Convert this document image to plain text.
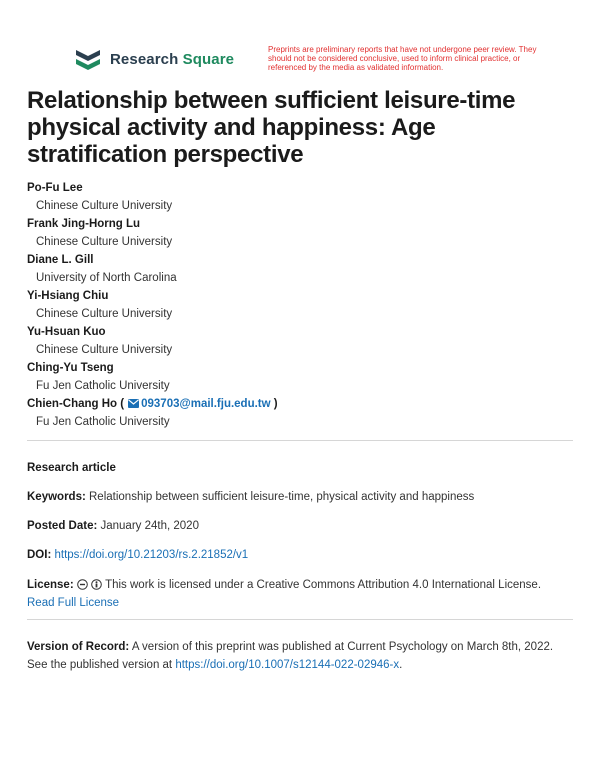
Research Square
Preprints are preliminary reports that have not undergone peer review. They should not be considered conclusive, used to inform clinical practice, or referenced by the media as validated information.
Relationship between sufficient leisure-time physical activity and happiness: Age stratification perspective
Po-Fu Lee
Chinese Culture University
Frank Jing-Horng Lu
Chinese Culture University
Diane L. Gill
University of North Carolina
Yi-Hsiang Chiu
Chinese Culture University
Yu-Hsuan Kuo
Chinese Culture University
Ching-Yu Tseng
Fu Jen Catholic University
Chien-Chang Ho ( 093703@mail.fju.edu.tw )
Fu Jen Catholic University
Research article
Keywords: Relationship between sufficient leisure-time, physical activity and happiness
Posted Date: January 24th, 2020
DOI: https://doi.org/10.21203/rs.2.21852/v1
License:	This work is licensed under a Creative Commons Attribution 4.0 International License.
Read Full License
Version of Record: A version of this preprint was published at Current Psychology on March 8th, 2022. See the published version at https://doi.org/10.1007/s12144-022-02946-x.
